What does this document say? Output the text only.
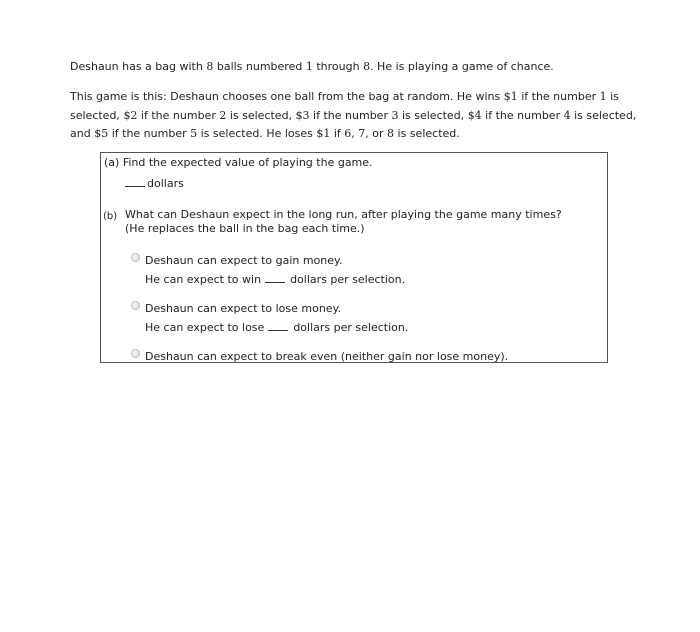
Deshaun has a bag with 8 balls numbered 1 through 8. He is playing a game of chance.
This game is this: Deshaun chooses one ball from the bag at random. He wins $1 if the number 1 is selected, $2 if the number 2 is selected, $3 if the number 3 is selected, $4 if the number 4 is selected, and $5 if the number 5 is selected. He loses $1 if 6, 7, or 8 is selected.
(a) Find the expected value of playing the game.
dollars
(b) What can Deshaun expect in the long run, after playing the game many times?
(He replaces the ball in the bag each time.)
Deshaun can expect to gain money.
He can expect to win	dollars per selection.
Deshaun can expect to lose money.
He can expect to lose	dollars per selection.
Deshaun can expect to break even (neither gain nor lose money).
